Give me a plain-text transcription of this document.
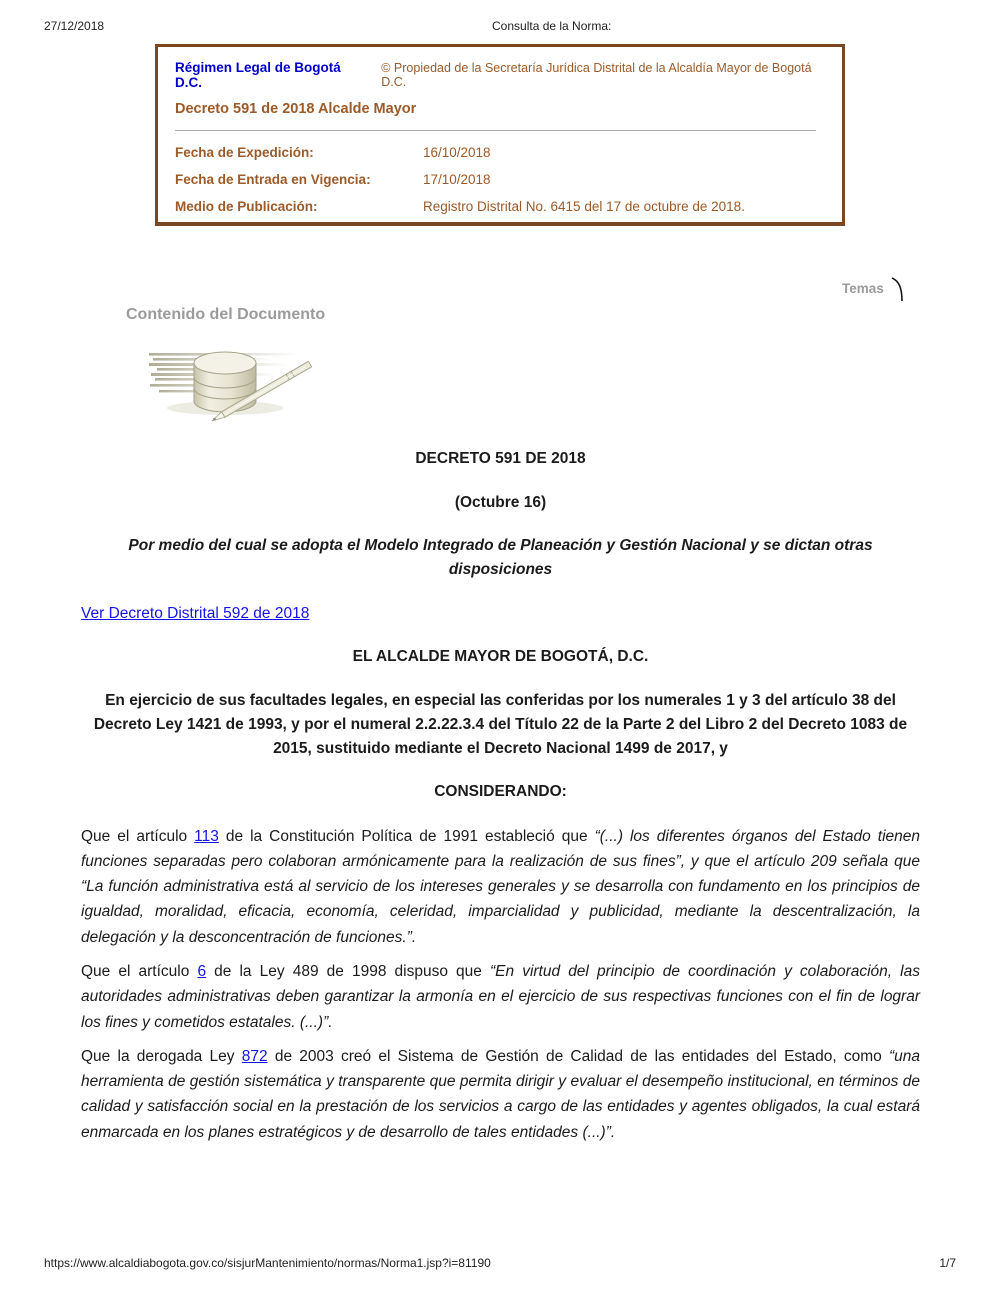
27/12/2018	Consulta de la Norma:
Régimen Legal de Bogotá D.C.
© Propiedad de la Secretaría Jurídica Distrital de la Alcaldía Mayor de Bogotá D.C.
Decreto 591 de 2018 Alcalde Mayor
Fecha de Expedición:	16/10/2018
Fecha de Entrada en Vigencia:	17/10/2018
Medio de Publicación:	Registro Distrital No. 6415 del 17 de octubre de 2018.
Temas
Contenido del Documento

DECRETO 591 DE 2018

(Octubre 16)

Por medio del cual se adopta el Modelo Integrado de Planeación y Gestión Nacional y se dictan otras disposiciones

Ver Decreto Distrital 592 de 2018

EL ALCALDE MAYOR DE BOGOTÁ, D.C.

En ejercicio de sus facultades legales, en especial las conferidas por los numerales 1 y 3 del artículo 38 del Decreto Ley 1421 de 1993, y por el numeral 2.2.22.3.4 del Título 22 de la Parte 2 del Libro 2 del Decreto 1083 de 2015, sustituido mediante el Decreto Nacional 1499 de 2017, y

CONSIDERANDO:

Que el artículo 113 de la Constitución Política de 1991 estableció que “(...) los diferentes órganos del Estado tienen funciones separadas pero colaboran armónicamente para la realización de sus fines”, y que el artículo 209 señala que “La función administrativa está al servicio de los intereses generales y se desarrolla con fundamento en los principios de igualdad, moralidad, eficacia, economía, celeridad, imparcialidad y publicidad, mediante la descentralización, la delegación y la desconcentración de funciones.”.

Que el artículo 6 de la Ley 489 de 1998 dispuso que “En virtud del principio de coordinación y colaboración, las autoridades administrativas deben garantizar la armonía en el ejercicio de sus respectivas funciones con el fin de lograr los fines y cometidos estatales. (...)”.

Que la derogada Ley 872 de 2003 creó el Sistema de Gestión de Calidad de las entidades del Estado, como “una herramienta de gestión sistemática y transparente que permita dirigir y evaluar el desempeño institucional, en términos de calidad y satisfacción social en la prestación de los servicios a cargo de las entidades y agentes obligados, la cual estará enmarcada en los planes estratégicos y de desarrollo de tales entidades (...)”.

https://www.alcaldiabogota.gov.co/sisjurMantenimiento/normas/Norma1.jsp?i=81190	1/7
